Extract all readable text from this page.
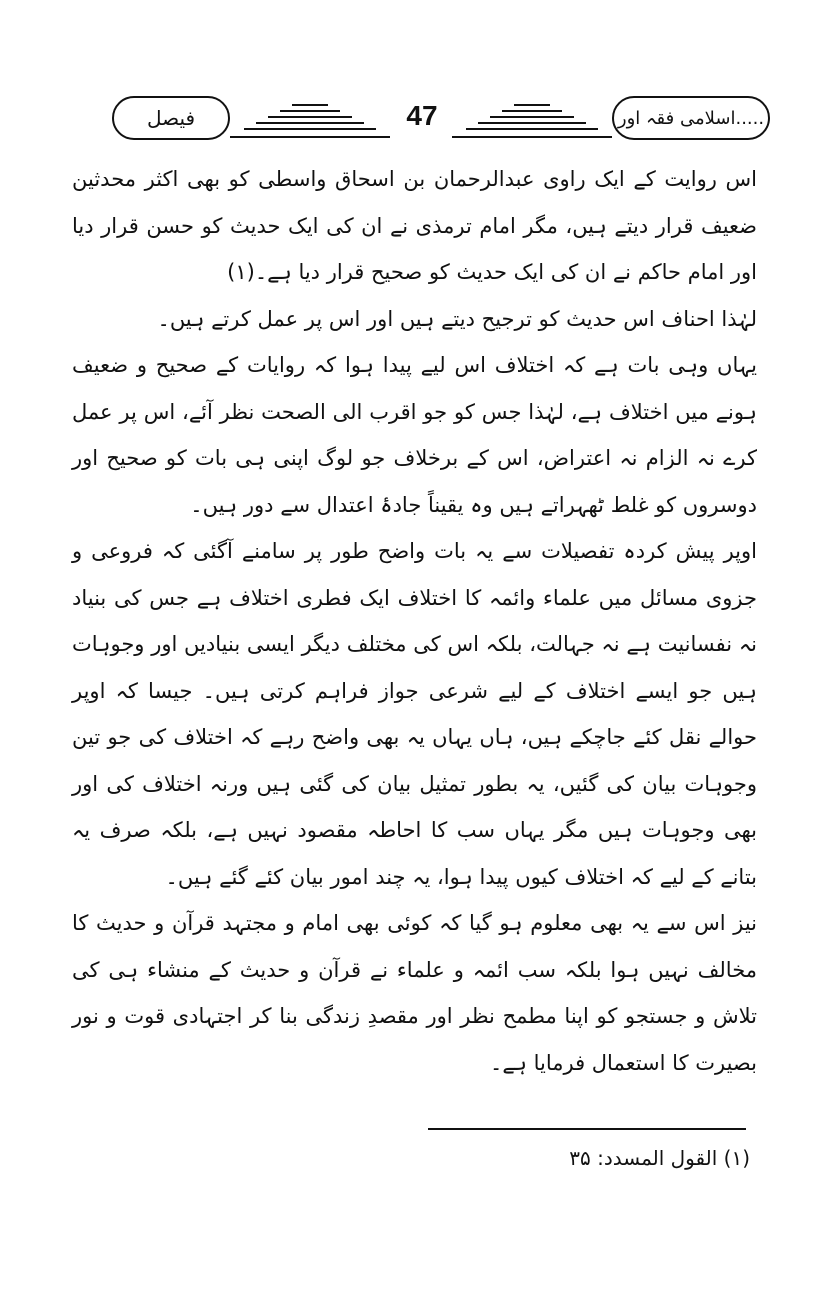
فیصل	47	اسلامی فقہ اور.....

اس روایت کے ایک راوی عبدالرحمان بن اسحاق واسطی کو بھی اکثر محدثین ضعیف قرار دیتے ہیں، مگر امام ترمذی نے ان کی ایک حدیث کو حسن قرار دیا اور امام حاکم نے ان کی ایک حدیث کو صحیح قرار دیا ہے۔(۱)

لہٰذا احناف اس حدیث کو ترجیح دیتے ہیں اور اس پر عمل کرتے ہیں۔

یہاں وہی بات ہے کہ اختلاف اس لیے پیدا ہوا کہ روایات کے صحیح و ضعیف ہونے میں اختلاف ہے، لہٰذا جس کو جو اقرب الی الصحت نظر آئے، اس پر عمل کرے نہ الزام نہ اعتراض، اس کے برخلاف جو لوگ اپنی ہی بات کو صحیح اور دوسروں کو غلط ٹھہراتے ہیں وہ یقیناً جادۂ اعتدال سے دور ہیں۔

اوپر پیش کردہ تفصیلات سے یہ بات واضح طور پر سامنے آگئی کہ فروعی و جزوی مسائل میں علماء وائمہ کا اختلاف ایک فطری اختلاف ہے جس کی بنیاد نہ نفسانیت ہے نہ جہالت، بلکہ اس کی مختلف دیگر ایسی بنیادیں اور وجوہات ہیں جو ایسے اختلاف کے لیے شرعی جواز فراہم کرتی ہیں۔ جیسا کہ اوپر حوالے نقل کئے جاچکے ہیں، ہاں یہاں یہ بھی واضح رہے کہ اختلاف کی جو تین وجوہات بیان کی گئیں، یہ بطور تمثیل بیان کی گئی ہیں ورنہ اختلاف کی اور بھی وجوہات ہیں مگر یہاں سب کا احاطہ مقصود نہیں ہے، بلکہ صرف یہ بتانے کے لیے کہ اختلاف کیوں پیدا ہوا، یہ چند امور بیان کئے گئے ہیں۔

نیز اس سے یہ بھی معلوم ہو گیا کہ کوئی بھی امام و مجتہد قرآن و حدیث کا مخالف نہیں ہوا بلکہ سب ائمہ و علماء نے قرآن و حدیث کے منشاء ہی کی تلاش و جستجو کو اپنا مطمح نظر اور مقصدِ زندگی بنا کر اجتہادی قوت و نور بصیرت کا استعمال فرمایا ہے۔

(۱) القول المسدد: ۳۵
